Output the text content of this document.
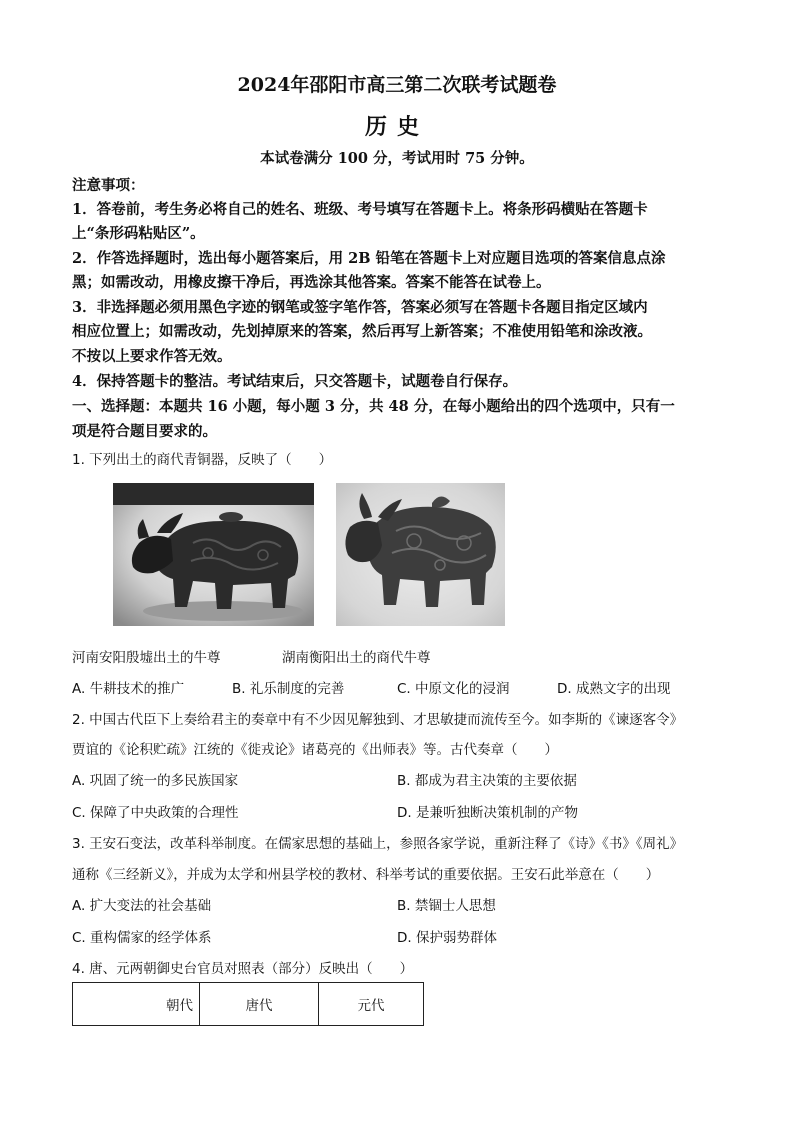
2024年邵阳市高三第二次联考试题卷
历史
本试卷满分 100 分，考试用时 75 分钟。
注意事项：
1．答卷前，考生务必将自己的姓名、班级、考号填写在答题卡上。将条形码横贴在答题卡
上“条形码粘贴区”。
2．作答选择题时，选出每小题答案后，用 2B 铅笔在答题卡上对应题目选项的答案信息点涂
黑；如需改动，用橡皮擦干净后，再选涂其他答案。答案不能答在试卷上。
3．非选择题必须用黑色字迹的钢笔或签字笔作答，答案必须写在答题卡各题目指定区域内
相应位置上；如需改动，先划掉原来的答案，然后再写上新答案；不准使用铅笔和涂改液。
不按以上要求作答无效。
4．保持答题卡的整洁。考试结束后，只交答题卡，试题卷自行保存。
一、选择题：本题共 16 小题，每小题 3 分，共 48 分，在每小题给出的四个选项中，只有一
项是符合题目要求的。
1. 下列出土的商代青铜器，反映了（　　）
河南安阳殷墟出土的牛尊	湖南衡阳出土的商代牛尊
A. 牛耕技术的推广	B. 礼乐制度的完善	C. 中原文化的浸润	D. 成熟文字的出现
2. 中国古代臣下上奏给君主的奏章中有不少因见解独到、才思敏捷而流传至今。如李斯的《谏逐客令》
贾谊的《论积贮疏》江统的《徙戎论》诸葛亮的《出师表》等。古代奏章（　　）
A. 巩固了统一的多民族国家	B. 都成为君主决策的主要依据
C. 保障了中央政策的合理性	D. 是兼听独断决策机制的产物
3. 王安石变法，改革科举制度。在儒家思想的基础上，参照各家学说，重新注释了《诗》《书》《周礼》
通称《三经新义》，并成为太学和州县学校的教材、科举考试的重要依据。王安石此举意在（　　）
A. 扩大变法的社会基础	B. 禁锢士人思想
C. 重构儒家的经学体系	D. 保护弱势群体
4. 唐、元两朝御史台官员对照表（部分）反映出（　　）
朝代	唐代	元代
